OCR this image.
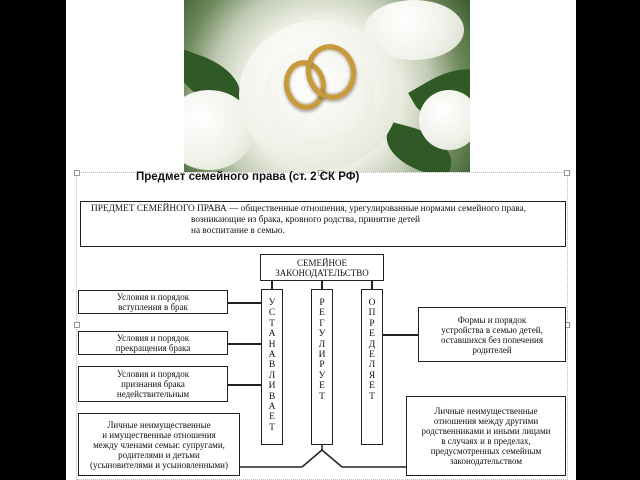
Предмет семейного права (ст. 2 СК РФ)
ПРЕДМЕТ СЕМЕЙНОГО ПРАВА — общественные отношения, урегулированные нормами семейного права,
возникающие из брака, кровного родства, принятие детей
на воспитание в семью.
СЕМЕЙНОЕ
ЗАКОНОДАТЕЛЬСТВО
У
С
Т
А
Н
А
В
Л
И
В
А
Е
Т
Р
Е
Г
У
Л
И
Р
У
Е
Т
О
П
Р
Е
Д
Е
Л
Я
Е
Т
Условия и порядок
вступления в брак
Условия и порядок
прекращения брака
Условия и порядок
признания брака
недействительным
Формы и порядок
устройства в семью детей,
оставшихся без попечения
родителей
Личные неимущественные
и имущественные отношения
между членами семьи: супругами,
родителями и детьми
(усыновителями и усыновленными)
Личные неимущественные
отношения между другими
родственниками и иными лицами
в случаях и в пределах,
предусмотренных семейным
законодательством
